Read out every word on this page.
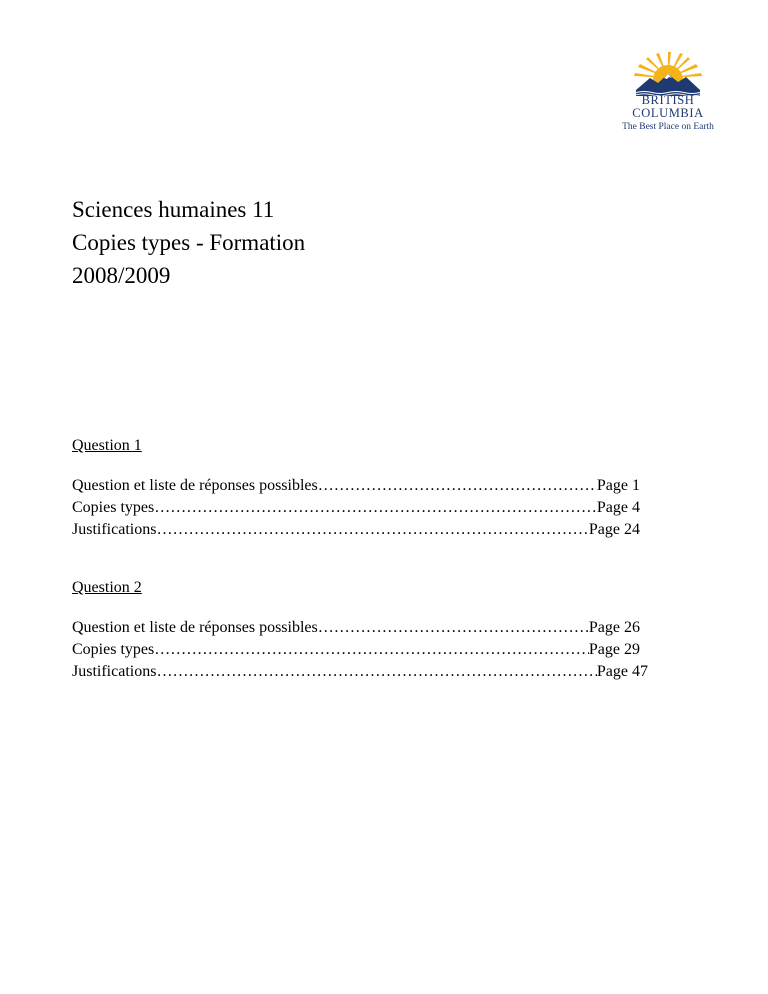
BRITISH
COLUMBIA
The Best Place on Earth
Sciences humaines 11
Copies types - Formation
2008/2009
Question 1
Question et liste de réponses possibles ……………………………………………………………………………………………………………………………………	Page 1
Copies types ……………………………………………………………………………………………………………………………………	Page 4
Justifications ……………………………………………………………………………………………………………………………………	Page 24
Question 2
Question et liste de réponses possibles ……………………………………………………………………………………………………………………………………	Page 26
Copies types ……………………………………………………………………………………………………………………………………	Page 29
Justifications ……………………………………………………………………………………………………………………………………	Page 47
